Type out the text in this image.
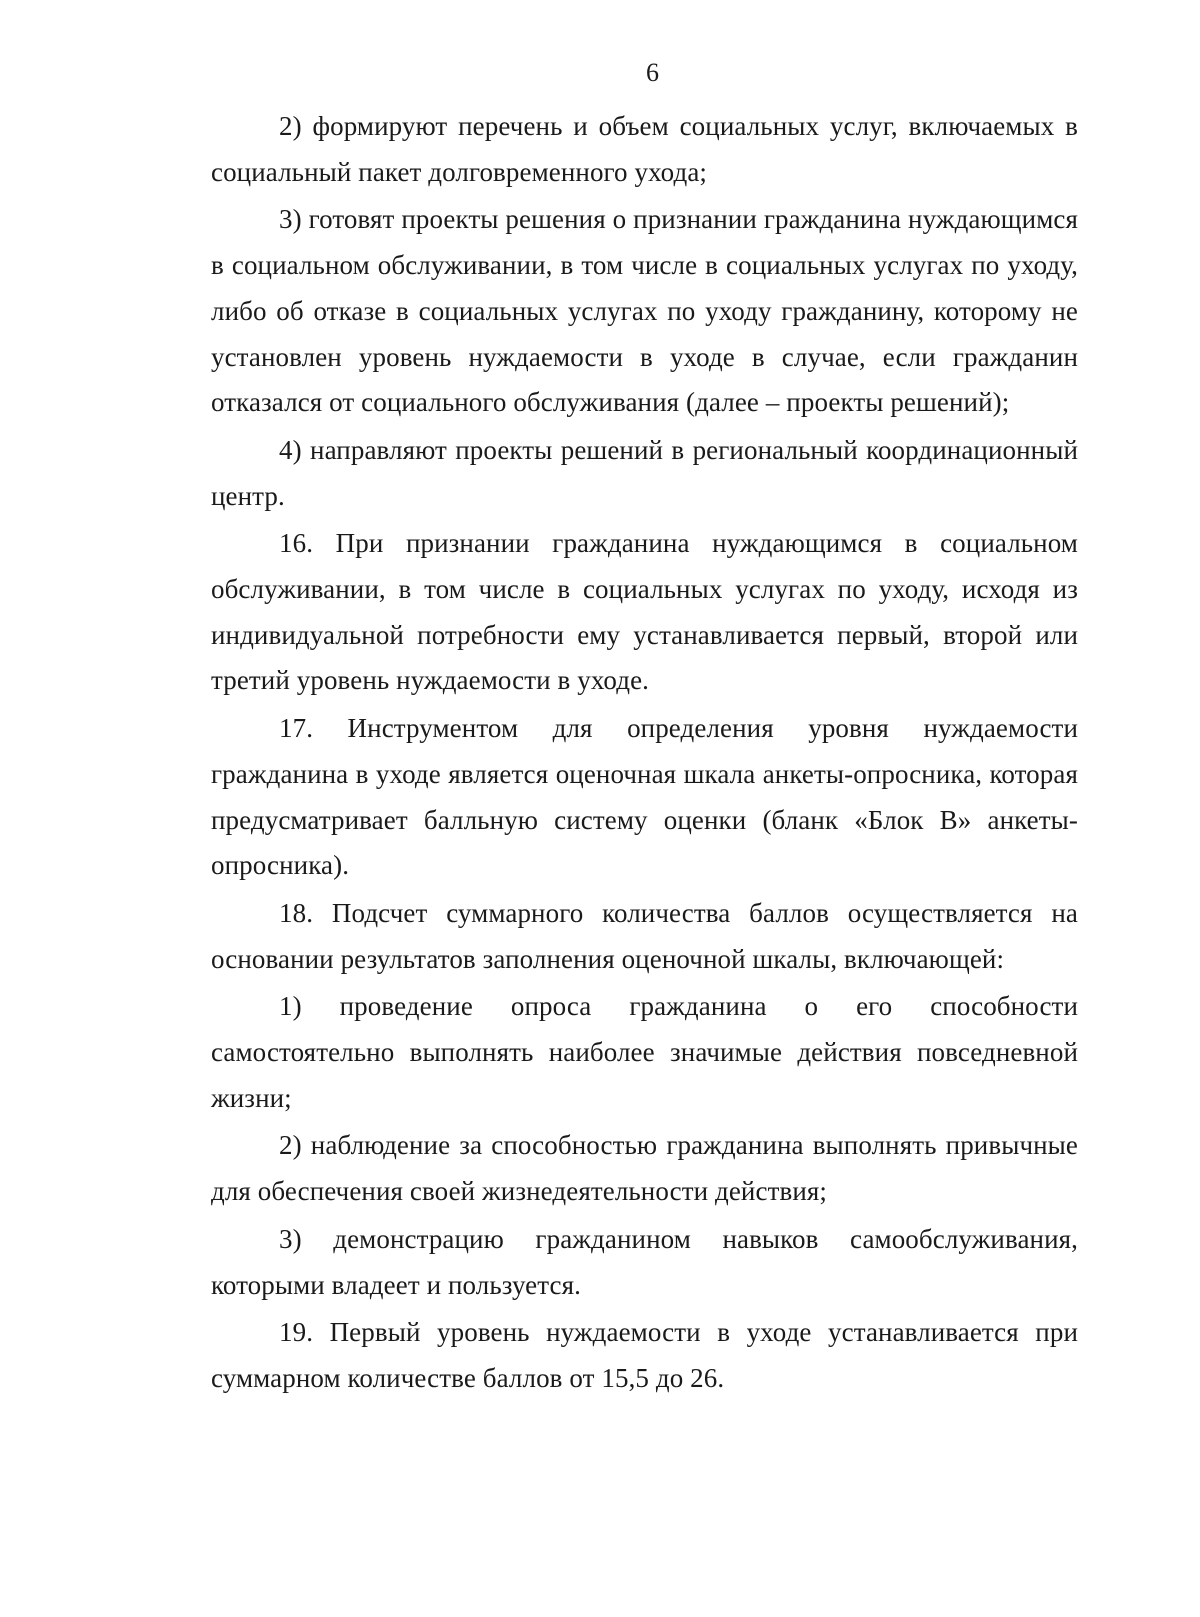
6

2) формируют перечень и объем социальных услуг, включаемых в социальный пакет долговременного ухода;

3) готовят проекты решения о признании гражданина нуждающимся в социальном обслуживании, в том числе в социальных услугах по уходу, либо об отказе в социальных услугах по уходу гражданину, которому не установлен уровень нуждаемости в уходе в случае, если гражданин отказался от социального обслуживания (далее – проекты решений);

4) направляют проекты решений в региональный координационный центр.

16. При признании гражданина нуждающимся в социальном обслуживании, в том числе в социальных услугах по уходу, исходя из индивидуальной потребности ему устанавливается первый, второй или третий уровень нуждаемости в уходе.

17. Инструментом для определения уровня нуждаемости гражданина в уходе является оценочная шкала анкеты-опросника, которая предусматривает балльную систему оценки (бланк «Блок В» анкеты-опросника).

18. Подсчет суммарного количества баллов осуществляется на основании результатов заполнения оценочной шкалы, включающей:

1) проведение опроса гражданина о его способности самостоятельно выполнять наиболее значимые действия повседневной жизни;

2) наблюдение за способностью гражданина выполнять привычные для обеспечения своей жизнедеятельности действия;

3) демонстрацию гражданином навыков самообслуживания, которыми владеет и пользуется.

19. Первый уровень нуждаемости в уходе устанавливается при суммарном количестве баллов от 15,5 до 26.
